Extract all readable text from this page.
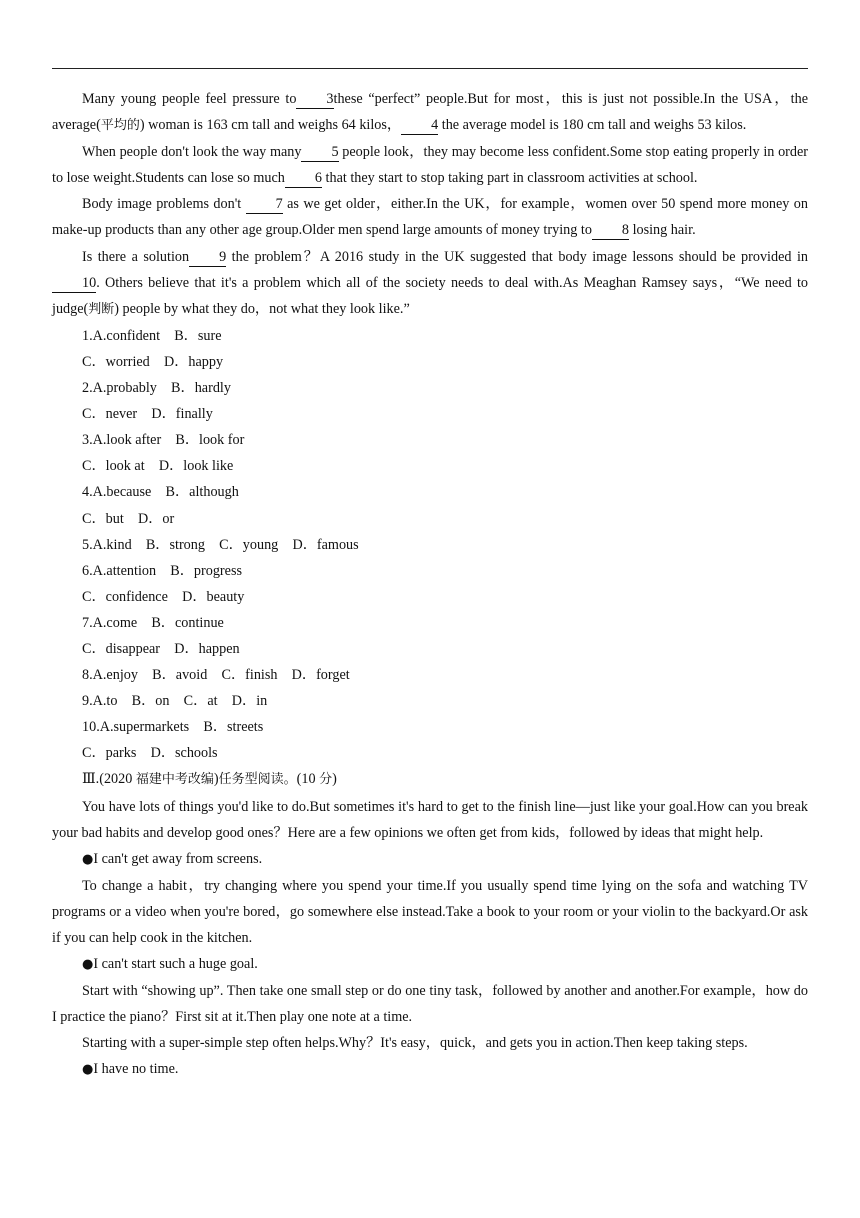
Many young people feel pressure to 3these “perfect” people.But for most，this is just not possible.In the USA，the average(平均的) woman is 163 cm tall and weighs 64 kilos， 4 the average model is 180 cm tall and weighs 53 kilos.

When people don't look the way many 5 people look，they may become less confident.Some stop eating properly in order to lose weight.Students can lose so much 6 that they start to stop taking part in classroom activities at school.

Body image problems don't 7 as we get older，either.In the UK，for example，women over 50 spend more money on make‑up products than any other age group.Older men spend large amounts of money trying to 8 losing hair.

Is there a solution 9 the problem？A 2016 study in the UK suggested that body image lessons should be provided in10. Others believe that it's a problem which all of the society needs to deal with.As Meaghan Ramsey says，“We need to judge(判断) people by what they do，not what they look like.”

1.A.confident    B．sure

C．worried    D．happy

2.A.probably    B．hardly

C．never    D．finally

3.A.look after    B．look for

C．look at    D．look like

4.A.because    B．although

C．but    D．or

5.A.kind    B．strong    C．young    D．famous

6.A.attention    B．progress

C．confidence    D．beauty

7.A.come    B．continue

C．disappear    D．happen

8.A.enjoy    B．avoid    C．finish    D．forget

9.A.to    B．on    C．at    D．in

10.A.supermarkets    B．streets

C．parks    D．schools

Ⅲ.(2020 福建中考改编)任务型阅读。(10 分)

You have lots of things you'd like to do.But sometimes it's hard to get to the finish line—just like your goal.How can you break your bad habits and develop good ones？Here are a few opinions we often get from kids，followed by ideas that might help.

●I can't get away from screens.

To change a habit，try changing where you spend your time.If you usually spend time lying on the sofa and watching TV programs or a video when you're bored，go somewhere else instead.Take a book to your room or your violin to the backyard.Or ask if you can help cook in the kitchen.

●I can't start such a huge goal.

Start with “showing up”. Then take one small step or do one tiny task，followed by another and another.For example，how do I practice the piano？First sit at it.Then play one note at a time.

Starting with a super‑simple step often helps.Why？It's easy，quick，and gets you in action.Then keep taking steps.

●I have no time.
